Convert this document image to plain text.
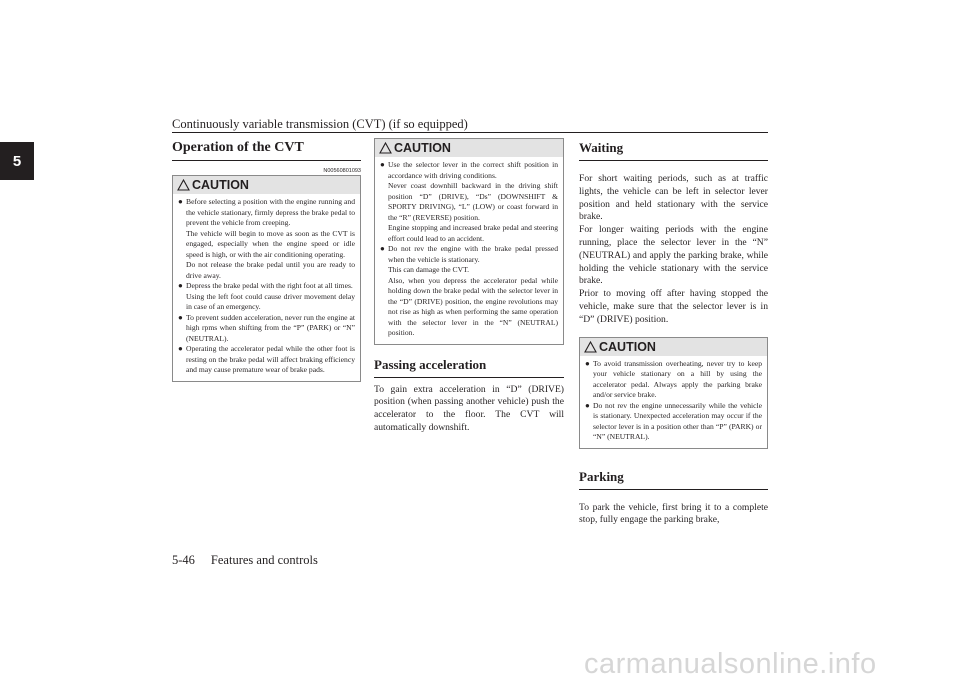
Continuously variable transmission (CVT) (if so equipped)
5
Operation of the CVT
N00560801093
CAUTION
● Before selecting a position with the engine running and the vehicle stationary, firmly depress the brake pedal to prevent the vehicle from creeping.

The vehicle will begin to move as soon as the CVT is engaged, especially when the engine speed or idle speed is high, or with the air conditioning operating.

Do not release the brake pedal until you are ready to drive away.

● Depress the brake pedal with the right foot at all times.

Using the left foot could cause driver movement delay in case of an emergency.

● To prevent sudden acceleration, never run the engine at high rpms when shifting from the “P” (PARK) or “N” (NEUTRAL).

● Operating the accelerator pedal while the other foot is resting on the brake pedal will affect braking efficiency and may cause premature wear of brake pads.

CAUTION
● Use the selector lever in the correct shift position in accordance with driving conditions.

Never coast downhill backward in the driving shift position “D” (DRIVE), “Ds” (DOWNSHIFT & SPORTY DRIVING), “L” (LOW) or coast forward in the “R” (REVERSE) position.

Engine stopping and increased brake pedal and steering effort could lead to an accident.

● Do not rev the engine with the brake pedal pressed when the vehicle is stationary.

This can damage the CVT.

Also, when you depress the accelerator pedal while holding down the brake pedal with the selector lever in the “D” (DRIVE) position, the engine revolutions may not rise as high as when performing the same operation with the selector lever in the “N” (NEUTRAL) position.

Passing acceleration

To gain extra acceleration in “D” (DRIVE) position (when passing another vehicle) push the accelerator to the floor. The CVT will automatically downshift.

Waiting

For short waiting periods, such as at traffic lights, the vehicle can be left in selector lever position and held stationary with the service brake.

For longer waiting periods with the engine running, place the selector lever in the “N” (NEUTRAL) and apply the parking brake, while holding the vehicle stationary with the service brake.

Prior to moving off after having stopped the vehicle, make sure that the selector lever is in “D” (DRIVE) position.

CAUTION
● To avoid transmission overheating, never try to keep your vehicle stationary on a hill by using the accelerator pedal. Always apply the parking brake and/or service brake.

● Do not rev the engine unnecessarily while the vehicle is stationary. Unexpected acceleration may occur if the selector lever is in a position other than “P” (PARK) or “N” (NEUTRAL).

Parking

To park the vehicle, first bring it to a complete stop, fully engage the parking brake,

5-46 Features and controls
carmanualsonline.info
